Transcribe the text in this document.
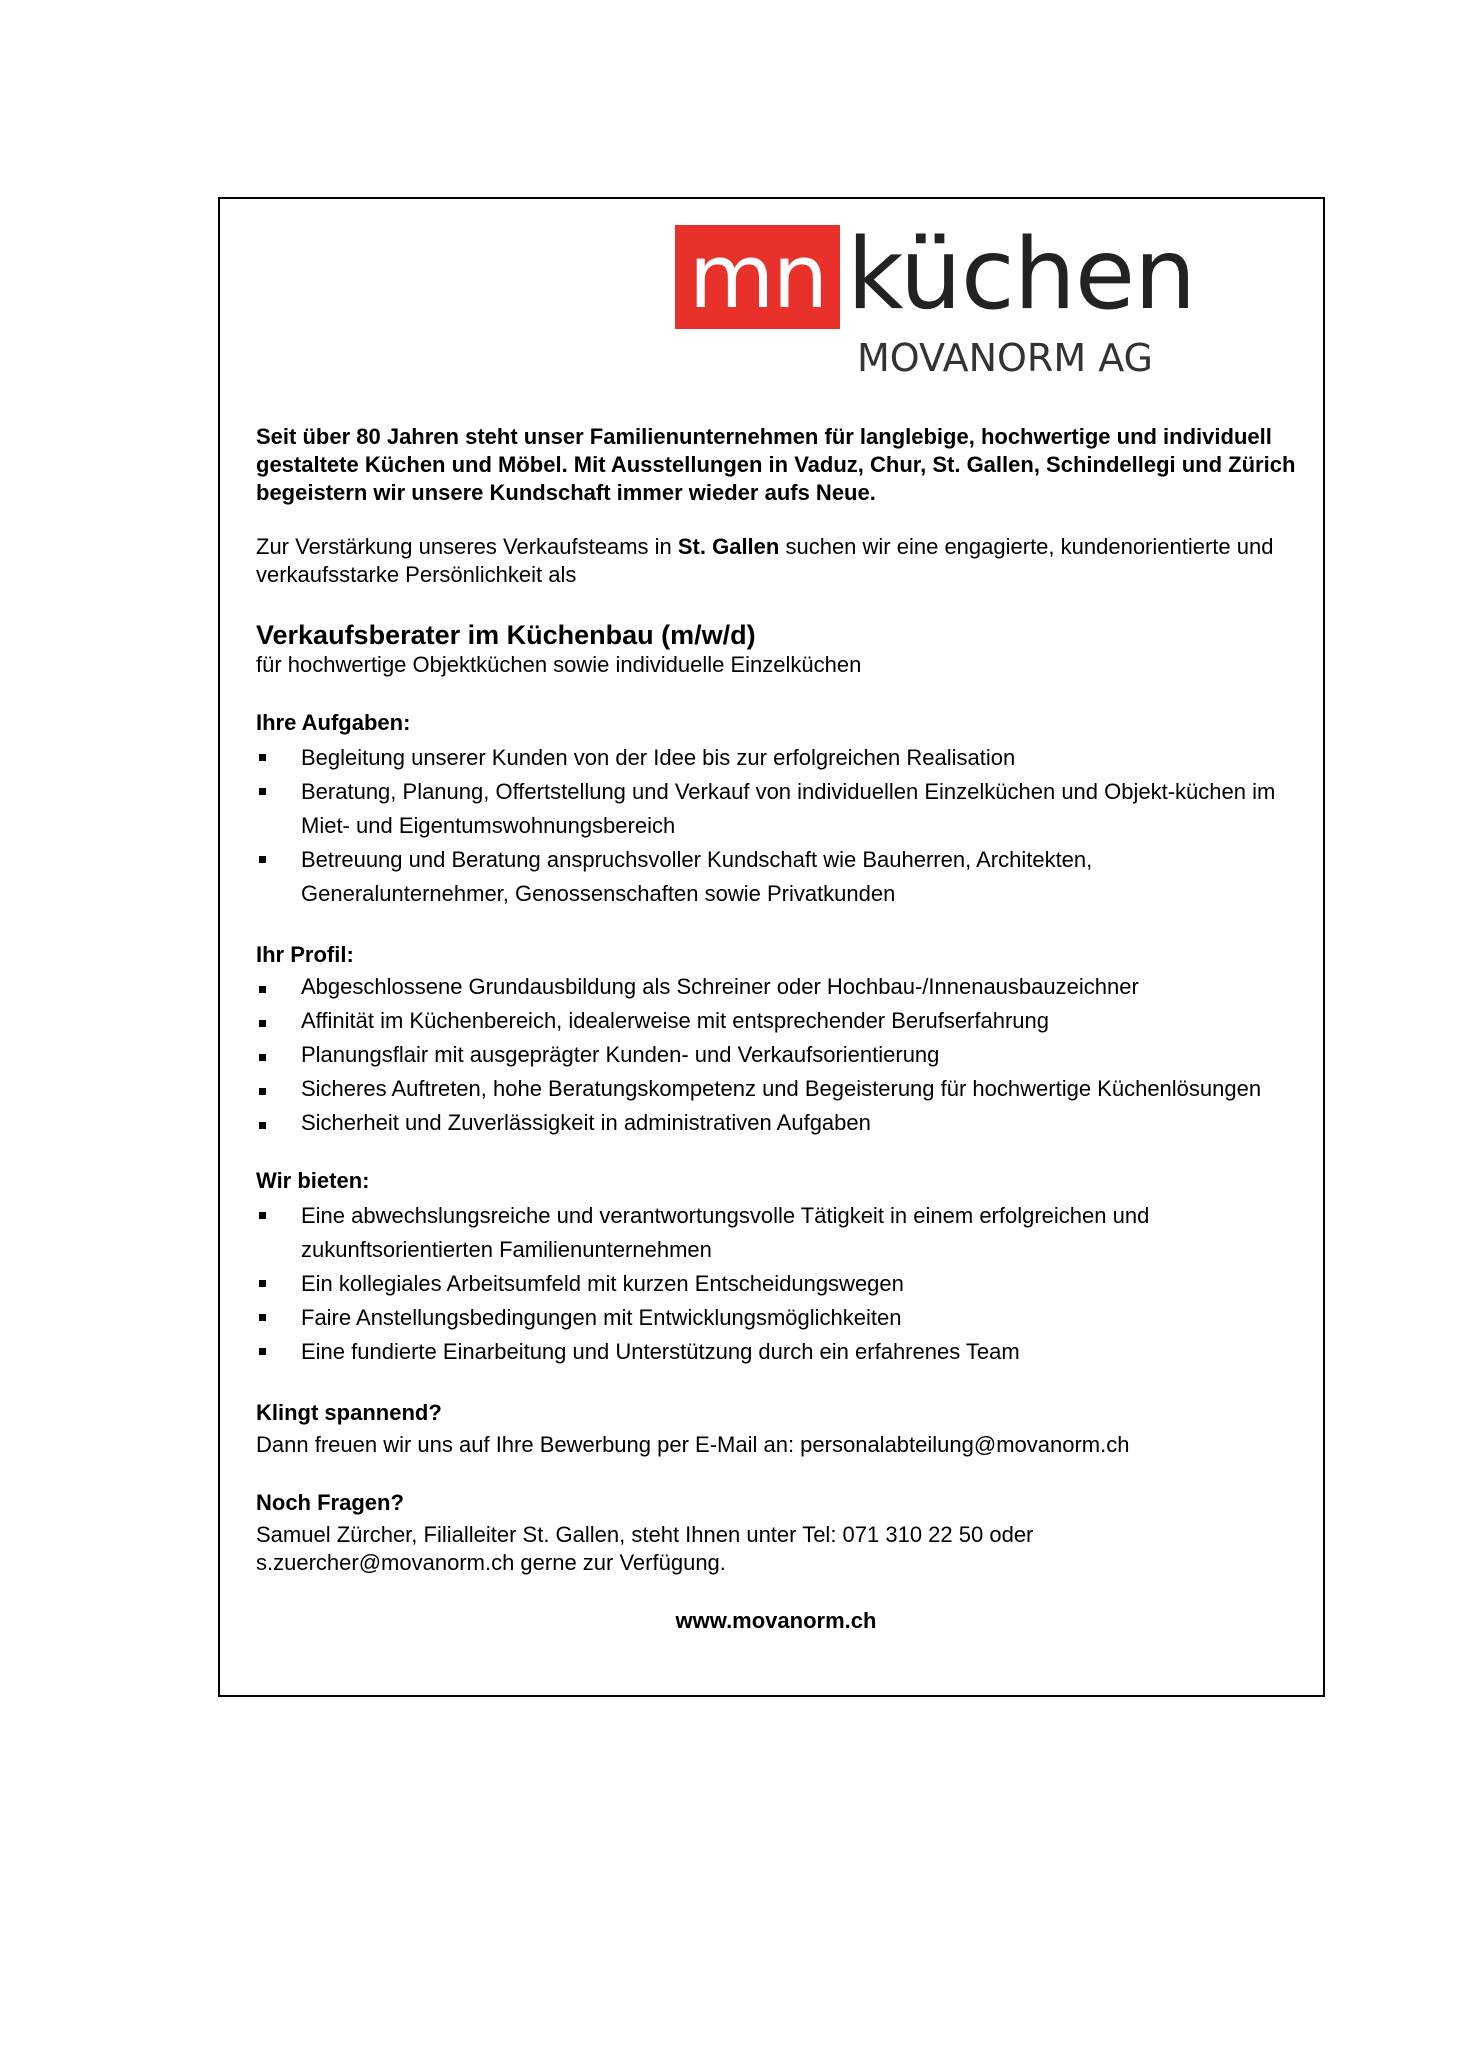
mn küchen
MOVANORM AG

Seit über 80 Jahren steht unser Familienunternehmen für langlebige, hochwertige und individuell gestaltete Küchen und Möbel. Mit Ausstellungen in Vaduz, Chur, St. Gallen, Schindellegi und Zürich begeistern wir unsere Kundschaft immer wieder aufs Neue.

Zur Verstärkung unseres Verkaufsteams in St. Gallen suchen wir eine engagierte, kundenorientierte und verkaufsstarke Persönlichkeit als

Verkaufsberater im Küchenbau (m/w/d)
für hochwertige Objektküchen sowie individuelle Einzelküchen
Ihre Aufgaben:
Begleitung unserer Kunden von der Idee bis zur erfolgreichen Realisation
Beratung, Planung, Offertstellung und Verkauf von individuellen Einzelküchen und Objekt-küchen im Miet- und Eigentumswohnungsbereich
Betreuung und Beratung anspruchsvoller Kundschaft wie Bauherren, Architekten, Generalunternehmer, Genossenschaften sowie Privatkunden
Ihr Profil:
Abgeschlossene Grundausbildung als Schreiner oder Hochbau-/Innenausbauzeichner
Affinität im Küchenbereich, idealerweise mit entsprechender Berufserfahrung
Planungsflair mit ausgeprägter Kunden- und Verkaufsorientierung
Sicheres Auftreten, hohe Beratungskompetenz und Begeisterung für hochwertige Küchenlösungen
Sicherheit und Zuverlässigkeit in administrativen Aufgaben
Wir bieten:
Eine abwechslungsreiche und verantwortungsvolle Tätigkeit in einem erfolgreichen und zukunftsorientierten Familienunternehmen
Ein kollegiales Arbeitsumfeld mit kurzen Entscheidungswegen
Faire Anstellungsbedingungen mit Entwicklungsmöglichkeiten
Eine fundierte Einarbeitung und Unterstützung durch ein erfahrenes Team
Klingt spannend?
Dann freuen wir uns auf Ihre Bewerbung per E-Mail an: personalabteilung@movanorm.ch
Noch Fragen?
Samuel Zürcher, Filialleiter St. Gallen, steht Ihnen unter Tel: 071 310 22 50 oder s.zuercher@movanorm.ch gerne zur Verfügung.
www.movanorm.ch
